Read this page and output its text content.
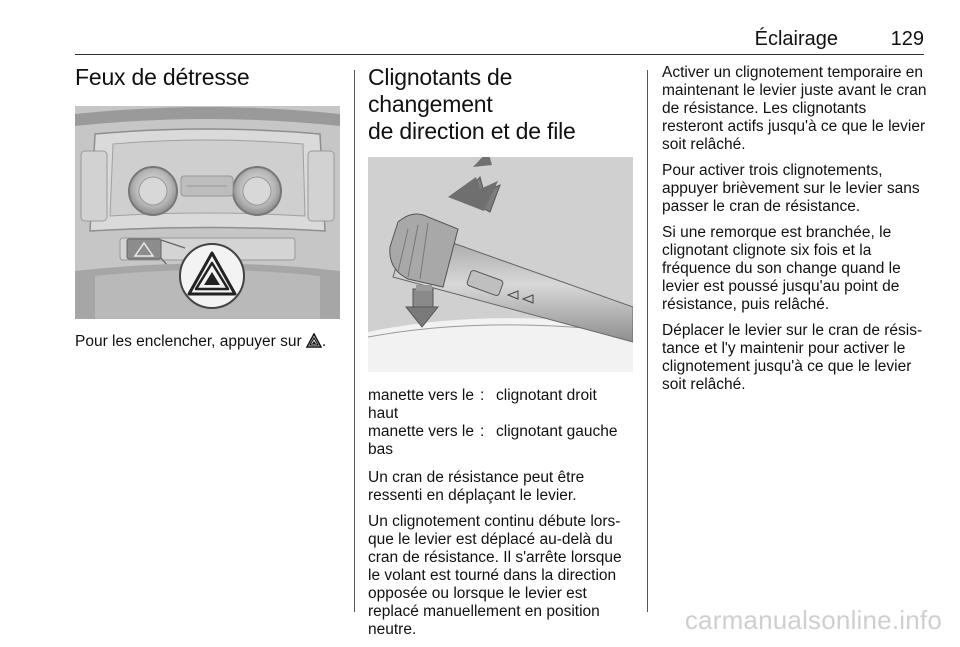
Éclairage	129
Feux de détresse

Pour les enclencher, appuyer sur .

Clignotants de changement
de direction et de file
manette vers le haut	:	clignotant droit
manette vers le bas	:	clignotant gauche

Un cran de résistance peut être ressenti en déplaçant le levier.

Un clignotement continu débute lors-que le levier est déplacé au-delà du cran de résistance. Il s'arrête lorsque le volant est tourné dans la direction opposée ou lorsque le levier est replacé manuellement en position neutre.

Activer un clignotement temporaire en maintenant le levier juste avant le cran de résistance. Les clignotants resteront actifs jusqu'à ce que le levier soit relâché.

Pour activer trois clignotements, appuyer brièvement sur le levier sans passer le cran de résistance.

Si une remorque est branchée, le clignotant clignote six fois et la fréquence du son change quand le levier est poussé jusqu'au point de résistance, puis relâché.

Déplacer le levier sur le cran de résis-tance et l'y maintenir pour activer le clignotement jusqu'à ce que le levier soit relâché.

carmanualsonline.info
